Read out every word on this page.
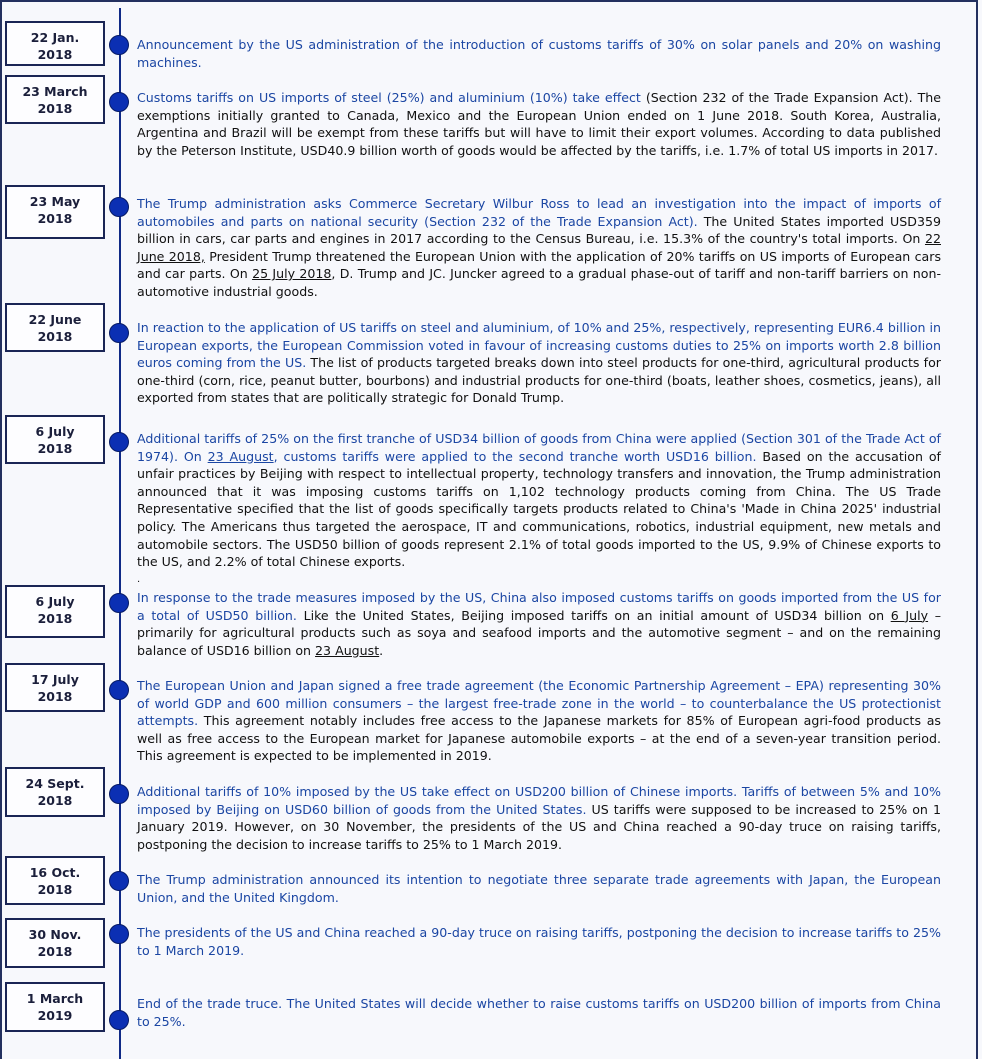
22 Jan.
2018

Announcement by the US administration of the introduction of customs tariffs of 30% on solar panels and 20% on washing machines.

23 March
2018

Customs tariffs on US imports of steel (25%) and aluminium (10%) take effect (Section 232 of the Trade Expansion Act). The exemptions initially granted to Canada, Mexico and the European Union ended on 1 June 2018. South Korea, Australia, Argentina and Brazil will be exempt from these tariffs but will have to limit their export volumes. According to data published by the Peterson Institute, USD40.9 billion worth of goods would be affected by the tariffs, i.e. 1.7% of total US imports in 2017.

23 May
2018

The Trump administration asks Commerce Secretary Wilbur Ross to lead an investigation into the impact of imports of automobiles and parts on national security (Section 232 of the Trade Expansion Act). The United States imported USD359 billion in cars, car parts and engines in 2017 according to the Census Bureau, i.e. 15.3% of the country's total imports. On 22 June 2018, President Trump threatened the European Union with the application of 20% tariffs on US imports of European cars and car parts. On 25 July 2018, D. Trump and JC. Juncker agreed to a gradual phase-out of tariff and non-tariff barriers on non-automotive industrial goods.

22 June
2018

In reaction to the application of US tariffs on steel and aluminium, of 10% and 25%, respectively, representing EUR6.4 billion in European exports, the European Commission voted in favour of increasing customs duties to 25% on imports worth 2.8 billion euros coming from the US. The list of products targeted breaks down into steel products for one-third, agricultural products for one-third (corn, rice, peanut butter, bourbons) and industrial products for one-third (boats, leather shoes, cosmetics, jeans), all exported from states that are politically strategic for Donald Trump.

6 July
2018

Additional tariffs of 25% on the first tranche of USD34 billion of goods from China were applied (Section 301 of the Trade Act of 1974). On 23 August, customs tariffs were applied to the second tranche worth USD16 billion. Based on the accusation of unfair practices by Beijing with respect to intellectual property, technology transfers and innovation, the Trump administration announced that it was imposing customs tariffs on 1,102 technology products coming from China. The US Trade Representative specified that the list of goods specifically targets products related to China's 'Made in China 2025' industrial policy. The Americans thus targeted the aerospace, IT and communications, robotics, industrial equipment, new metals and automobile sectors. The USD50 billion of goods represent 2.1% of total goods imported to the US, 9.9% of Chinese exports to the US, and 2.2% of total Chinese exports.

.
6 July
2018

In response to the trade measures imposed by the US, China also imposed customs tariffs on goods imported from the US for a total of USD50 billion. Like the United States, Beijing imposed tariffs on an initial amount of USD34 billion on 6 July – primarily for agricultural products such as soya and seafood imports and the automotive segment – and on the remaining balance of USD16 billion on 23 August.

17 July
2018

The European Union and Japan signed a free trade agreement (the Economic Partnership Agreement – EPA) representing 30% of world GDP and 600 million consumers – the largest free-trade zone in the world – to counterbalance the US protectionist attempts. This agreement notably includes free access to the Japanese markets for 85% of European agri-food products as well as free access to the European market for Japanese automobile exports – at the end of a seven-year transition period. This agreement is expected to be implemented in 2019.

24 Sept.
2018

Additional tariffs of 10% imposed by the US take effect on USD200 billion of Chinese imports. Tariffs of between 5% and 10% imposed by Beijing on USD60 billion of goods from the United States. US tariffs were supposed to be increased to 25% on 1 January 2019. However, on 30 November, the presidents of the US and China reached a 90-day truce on raising tariffs, postponing the decision to increase tariffs to 25% to 1 March 2019.

16 Oct.
2018

The Trump administration announced its intention to negotiate three separate trade agreements with Japan, the European Union, and the United Kingdom.

30 Nov.
2018

The presidents of the US and China reached a 90-day truce on raising tariffs, postponing the decision to increase tariffs to 25% to 1 March 2019.

1 March
2019

End of the trade truce. The United States will decide whether to raise customs tariffs on USD200 billion of imports from China to 25%.
